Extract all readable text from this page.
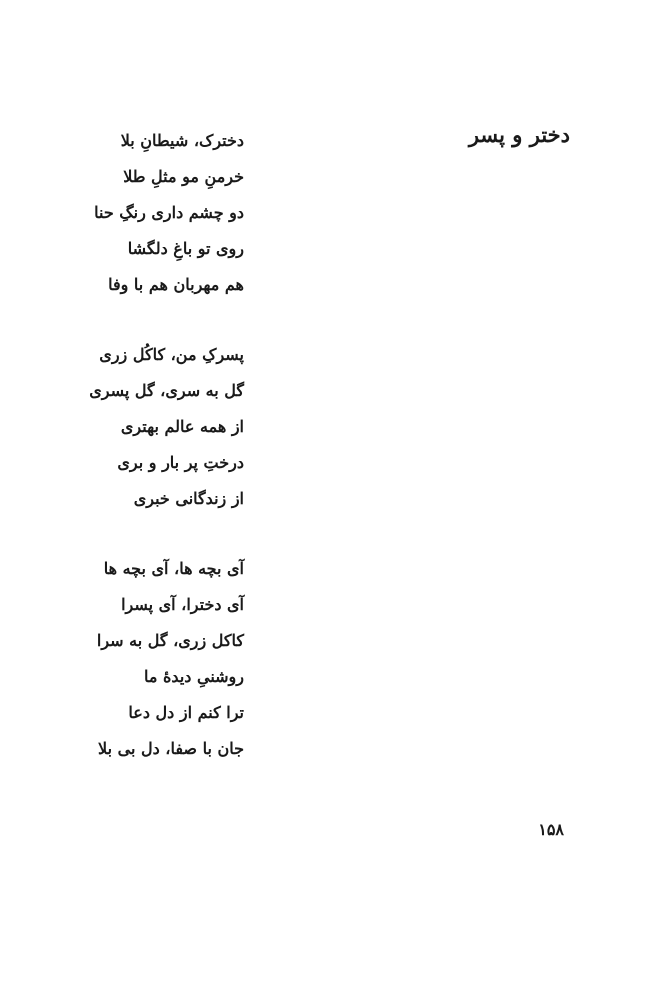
دختر و پسر
دخترک، شیطانِ بلا
خرمنِ مو مثلِ طلا
دو چشم داری رنگِ حنا
روی تو باغِ دلگشا
هم مهربان هم با وفا
پسرکِ من، کاکُل زری
گل به سری، گل پسری
از همه عالم بهتری
درختِ پر بار و بری
از زندگانی خبری
آی بچه ها، آی بچه ها
آی دخترا، آی پسرا
کاکل زری، گل به سرا
روشنیِ دیدهٔ ما
ترا کنم از دل دعا
جان با صفا، دل بی بلا
۱۵۸
